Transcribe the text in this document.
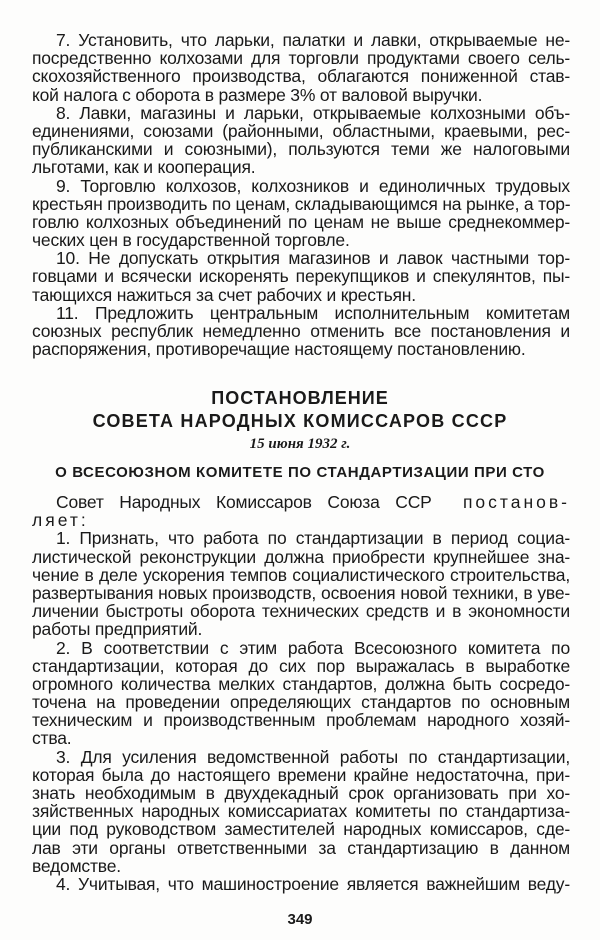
7. Установить, что ларьки, палатки и лавки, открываемые не-
посредственно колхозами для торговли продуктами своего сель-
скохозяйственного производства, облагаются пониженной став-
кой налога с оборота в размере 3% от валовой выручки.
8. Лавки, магазины и ларьки, открываемые колхозными объ-
единениями, союзами (районными, областными, краевыми, рес-
публиканскими и союзными), пользуются теми же налоговыми
льготами, как и кооперация.
9. Торговлю колхозов, колхозников и единоличных трудовых
крестьян производить по ценам, складывающимся на рынке, а тор-
говлю колхозных объединений по ценам не выше среднекоммер-
ческих цен в государственной торговле.
10. Не допускать открытия магазинов и лавок частными тор-
говцами и всячески искоренять перекупщиков и спекулянтов, пы-
тающихся нажиться за счет рабочих и крестьян.
11. Предложить центральным исполнительным комитетам
союзных республик немедленно отменить все постановления и
распоряжения, противоречащие настоящему постановлению.
ПОСТАНОВЛЕНИЕ
СОВЕТА НАРОДНЫХ КОМИССАРОВ СССР
15 июня 1932 г.
О ВСЕСОЮЗНОМ КОМИТЕТЕ ПО СТАНДАРТИЗАЦИИ ПРИ СТО
Совет Народных Комиссаров Союза ССР постанов-
ляет:
1. Признать, что работа по стандартизации в период социа-
листической реконструкции должна приобрести крупнейшее зна-
чение в деле ускорения темпов социалистического строительства,
развертывания новых производств, освоения новой техники, в уве-
личении быстроты оборота технических средств и в экономности
работы предприятий.
2. В соответствии с этим работа Всесоюзного комитета по
стандартизации, которая до сих пор выражалась в выработке
огромного количества мелких стандартов, должна быть сосредо-
точена на проведении определяющих стандартов по основным
техническим и производственным проблемам народного хозяй-
ства.
3. Для усиления ведомственной работы по стандартизации,
которая была до настоящего времени крайне недостаточна, при-
знать необходимым в двухдекадный срок организовать при хо-
зяйственных народных комиссариатах комитеты по стандартиза-
ции под руководством заместителей народных комиссаров, сде-
лав эти органы ответственными за стандартизацию в данном
ведомстве.
4. Учитывая, что машиностроение является важнейшим веду-
349
